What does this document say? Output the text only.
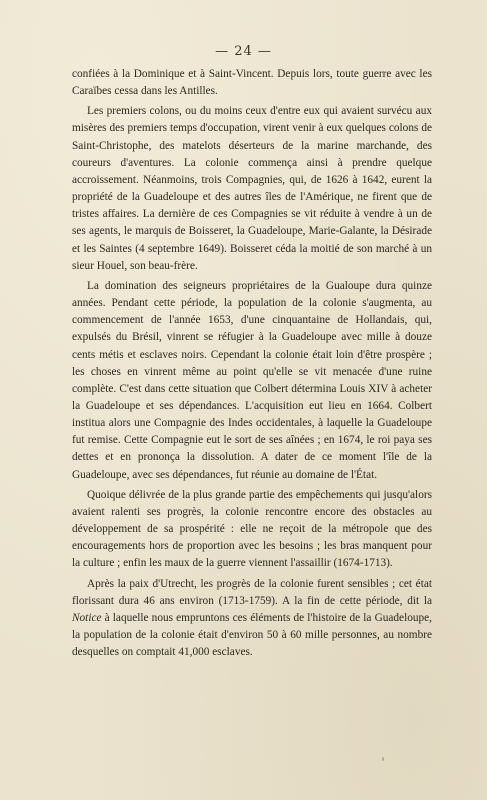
— 24 —

confiées à la Dominique et à Saint-Vincent. Depuis lors, toute guerre avec les Caraïbes cessa dans les Antilles.

Les premiers colons, ou du moins ceux d'entre eux qui avaient survécu aux misères des premiers temps d'occupation, virent venir à eux quelques colons de Saint-Christophe, des matelots déserteurs de la marine marchande, des coureurs d'aventures. La colonie commença ainsi à prendre quelque accroissement. Néanmoins, trois Compagnies, qui, de 1626 à 1642, eurent la propriété de la Guadeloupe et des autres îles de l'Amérique, ne firent que de tristes affaires. La dernière de ces Compagnies se vit réduite à vendre à un de ses agents, le marquis de Boisseret, la Guadeloupe, Marie-Galante, la Désirade et les Saintes (4 septembre 1649). Boisseret céda la moitié de son marché à un sieur Houel, son beau-frère.

La domination des seigneurs propriétaires de la Gualoupe dura quinze années. Pendant cette période, la population de la colonie s'augmenta, au commencement de l'année 1653, d'une cinquantaine de Hollandais, qui, expulsés du Brésil, vinrent se réfugier à la Guadeloupe avec mille à douze cents métis et esclaves noirs. Cependant la colonie était loin d'être prospère ; les choses en vinrent même au point qu'elle se vit menacée d'une ruine complète. C'est dans cette situation que Colbert détermina Louis XIV à acheter la Guadeloupe et ses dépendances. L'acquisition eut lieu en 1664. Colbert institua alors une Compagnie des Indes occidentales, à laquelle la Guadeloupe fut remise. Cette Compagnie eut le sort de ses aînées ; en 1674, le roi paya ses dettes et en prononça la dissolution. A dater de ce moment l'île de la Guadeloupe, avec ses dépendances, fut réunie au domaine de l'État.

Quoique délivrée de la plus grande partie des empêchements qui jusqu'alors avaient ralenti ses progrès, la colonie rencontre encore des obstacles au développement de sa prospérité : elle ne reçoit de la métropole que des encouragements hors de proportion avec les besoins ; les bras manquent pour la culture ; enfin les maux de la guerre viennent l'assaillir (1674-1713).

Après la paix d'Utrecht, les progrès de la colonie furent sensibles ; cet état florissant dura 46 ans environ (1713-1759). A la fin de cette période, dit la Notice à laquelle nous empruntons ces éléments de l'histoire de la Guadeloupe, la population de la colonie était d'environ 50 à 60 mille personnes, au nombre desquelles on comptait 41,000 esclaves.
